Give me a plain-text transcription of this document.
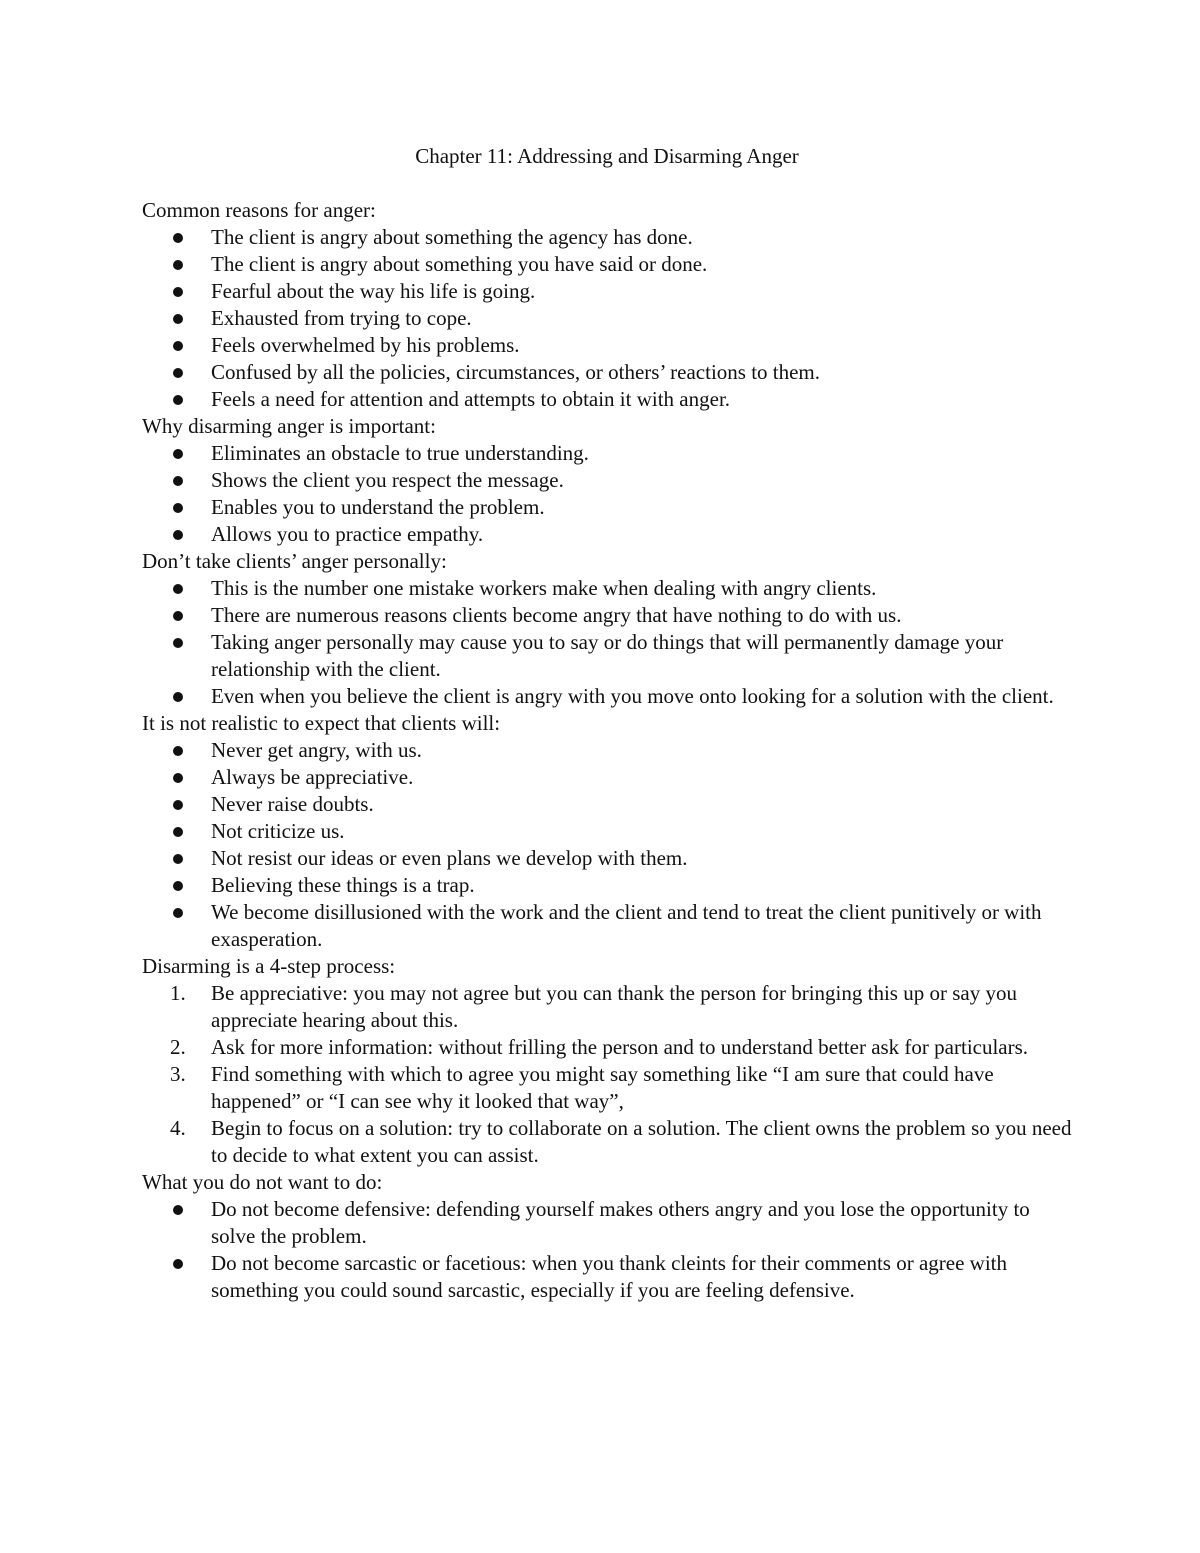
Chapter 11: Addressing and Disarming Anger

Common reasons for anger:

The client is angry about something the agency has done.
The client is angry about something you have said or done.
Fearful about the way his life is going.
Exhausted from trying to cope.
Feels overwhelmed by his problems.
Confused by all the policies, circumstances, or others’ reactions to them.
Feels a need for attention and attempts to obtain it with anger.

Why disarming anger is important:

Eliminates an obstacle to true understanding.
Shows the client you respect the message.
Enables you to understand the problem.
Allows you to practice empathy.

Don’t take clients’ anger personally:

This is the number one mistake workers make when dealing with angry clients.
There are numerous reasons clients become angry that have nothing to do with us.
Taking anger personally may cause you to say or do things that will permanently damage your relationship with the client.
Even when you believe the client is angry with you move onto looking for a solution with the client.

It is not realistic to expect that clients will:

Never get angry, with us.
Always be appreciative.
Never raise doubts.
Not criticize us.
Not resist our ideas or even plans we develop with them.
Believing these things is a trap.
We become disillusioned with the work and the client and tend to treat the client punitively or with exasperation.

Disarming is a 4-step process:

1.	Be appreciative: you may not agree but you can thank the person for bringing this up or say you appreciate hearing about this.
2.	Ask for more information: without frilling the person and to understand better ask for particulars.
3.	Find something with which to agree you might say something like “I am sure that could have happened” or “I can see why it looked that way”,
4.	Begin to focus on a solution: try to collaborate on a solution. The client owns the problem so you need to decide to what extent you can assist.

What you do not want to do:

Do not become defensive: defending yourself makes others angry and you lose the opportunity to solve the problem.
Do not become sarcastic or facetious: when you thank cleints for their comments or agree with something you could sound sarcastic, especially if you are feeling defensive.
